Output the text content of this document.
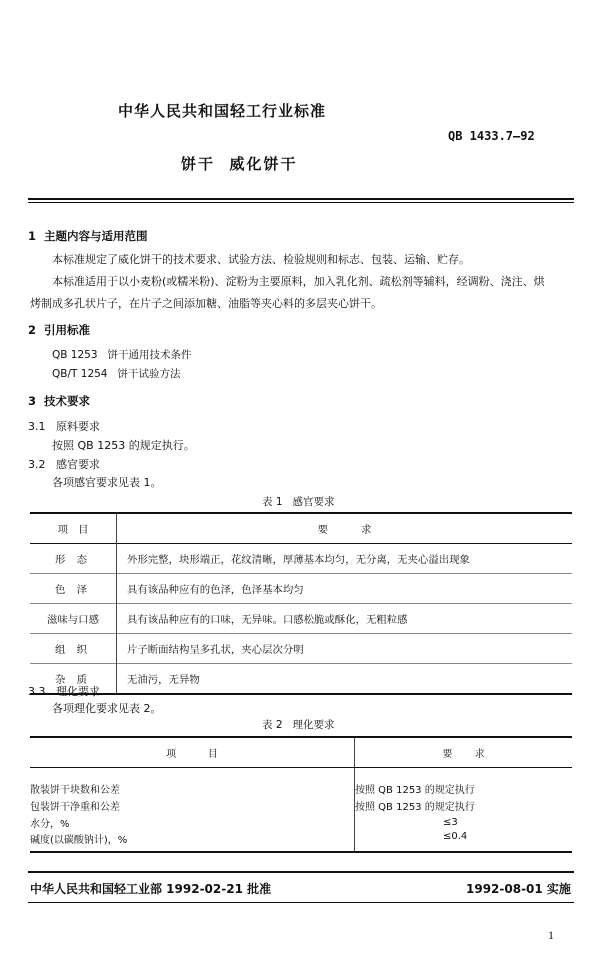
中华人民共和国轻工行业标准
QB 1433.7—92
饼干  威化饼干
1  主题内容与适用范围
本标准规定了威化饼干的技术要求、试验方法、检验规则和标志、包装、运输、贮存。
本标准适用于以小麦粉(或糯米粉)、淀粉为主要原料，加入乳化剂、疏松剂等辅料，经调粉、浇注、烘
烤制成多孔状片子，在片子之间添加糖、油脂等夹心料的多层夹心饼干。
2  引用标准
QB 1253   饼干通用技术条件
QB/T 1254   饼干试验方法
3  技术要求
3.1   原料要求
按照 QB 1253 的规定执行。
3.2   感官要求
各项感官要求见表 1。
表 1   感官要求
项   目	要          求
形 态	外形完整，块形端正，花纹清晰，厚薄基本均匀，无分离，无夹心溢出现象
色 泽	具有该品种应有的色泽，色泽基本均匀
滋味与口感	具有该品种应有的口味，无异味。口感松脆或酥化，无粗粒感
组 织	片子断面结构呈多孔状，夹心层次分明
杂 质	无油污，无异物
3.3   理化要求
各项理化要求见表 2。
表 2   理化要求
项          目	要       求

散装饼干块数和公差	按照 QB 1253 的规定执行
包装饼干净重和公差	按照 QB 1253 的规定执行
水分，%	≤3
碱度(以碳酸钠计)，%	≤0.4
中华人民共和国轻工业部 1992-02-21 批准	1992-08-01 实施
1
